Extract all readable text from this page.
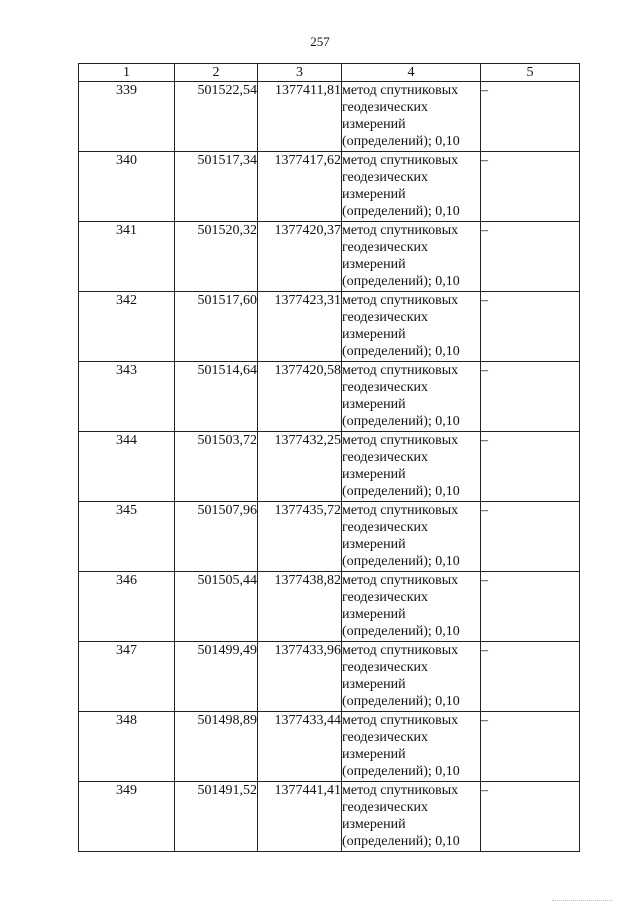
257
1	2	3	4	5
339	501522,54	1377411,81	метод спутниковых
геодезических
измерений
(определений); 0,10	–
340	501517,34	1377417,62	метод спутниковых
геодезических
измерений
(определений); 0,10	–
341	501520,32	1377420,37	метод спутниковых
геодезических
измерений
(определений); 0,10	–
342	501517,60	1377423,31	метод спутниковых
геодезических
измерений
(определений); 0,10	–
343	501514,64	1377420,58	метод спутниковых
геодезических
измерений
(определений); 0,10	–
344	501503,72	1377432,25	метод спутниковых
геодезических
измерений
(определений); 0,10	–
345	501507,96	1377435,72	метод спутниковых
геодезических
измерений
(определений); 0,10	–
346	501505,44	1377438,82	метод спутниковых
геодезических
измерений
(определений); 0,10	–
347	501499,49	1377433,96	метод спутниковых
геодезических
измерений
(определений); 0,10	–
348	501498,89	1377433,44	метод спутниковых
геодезических
измерений
(определений); 0,10	–
349	501491,52	1377441,41	метод спутниковых
геодезических
измерений
(определений); 0,10	–
